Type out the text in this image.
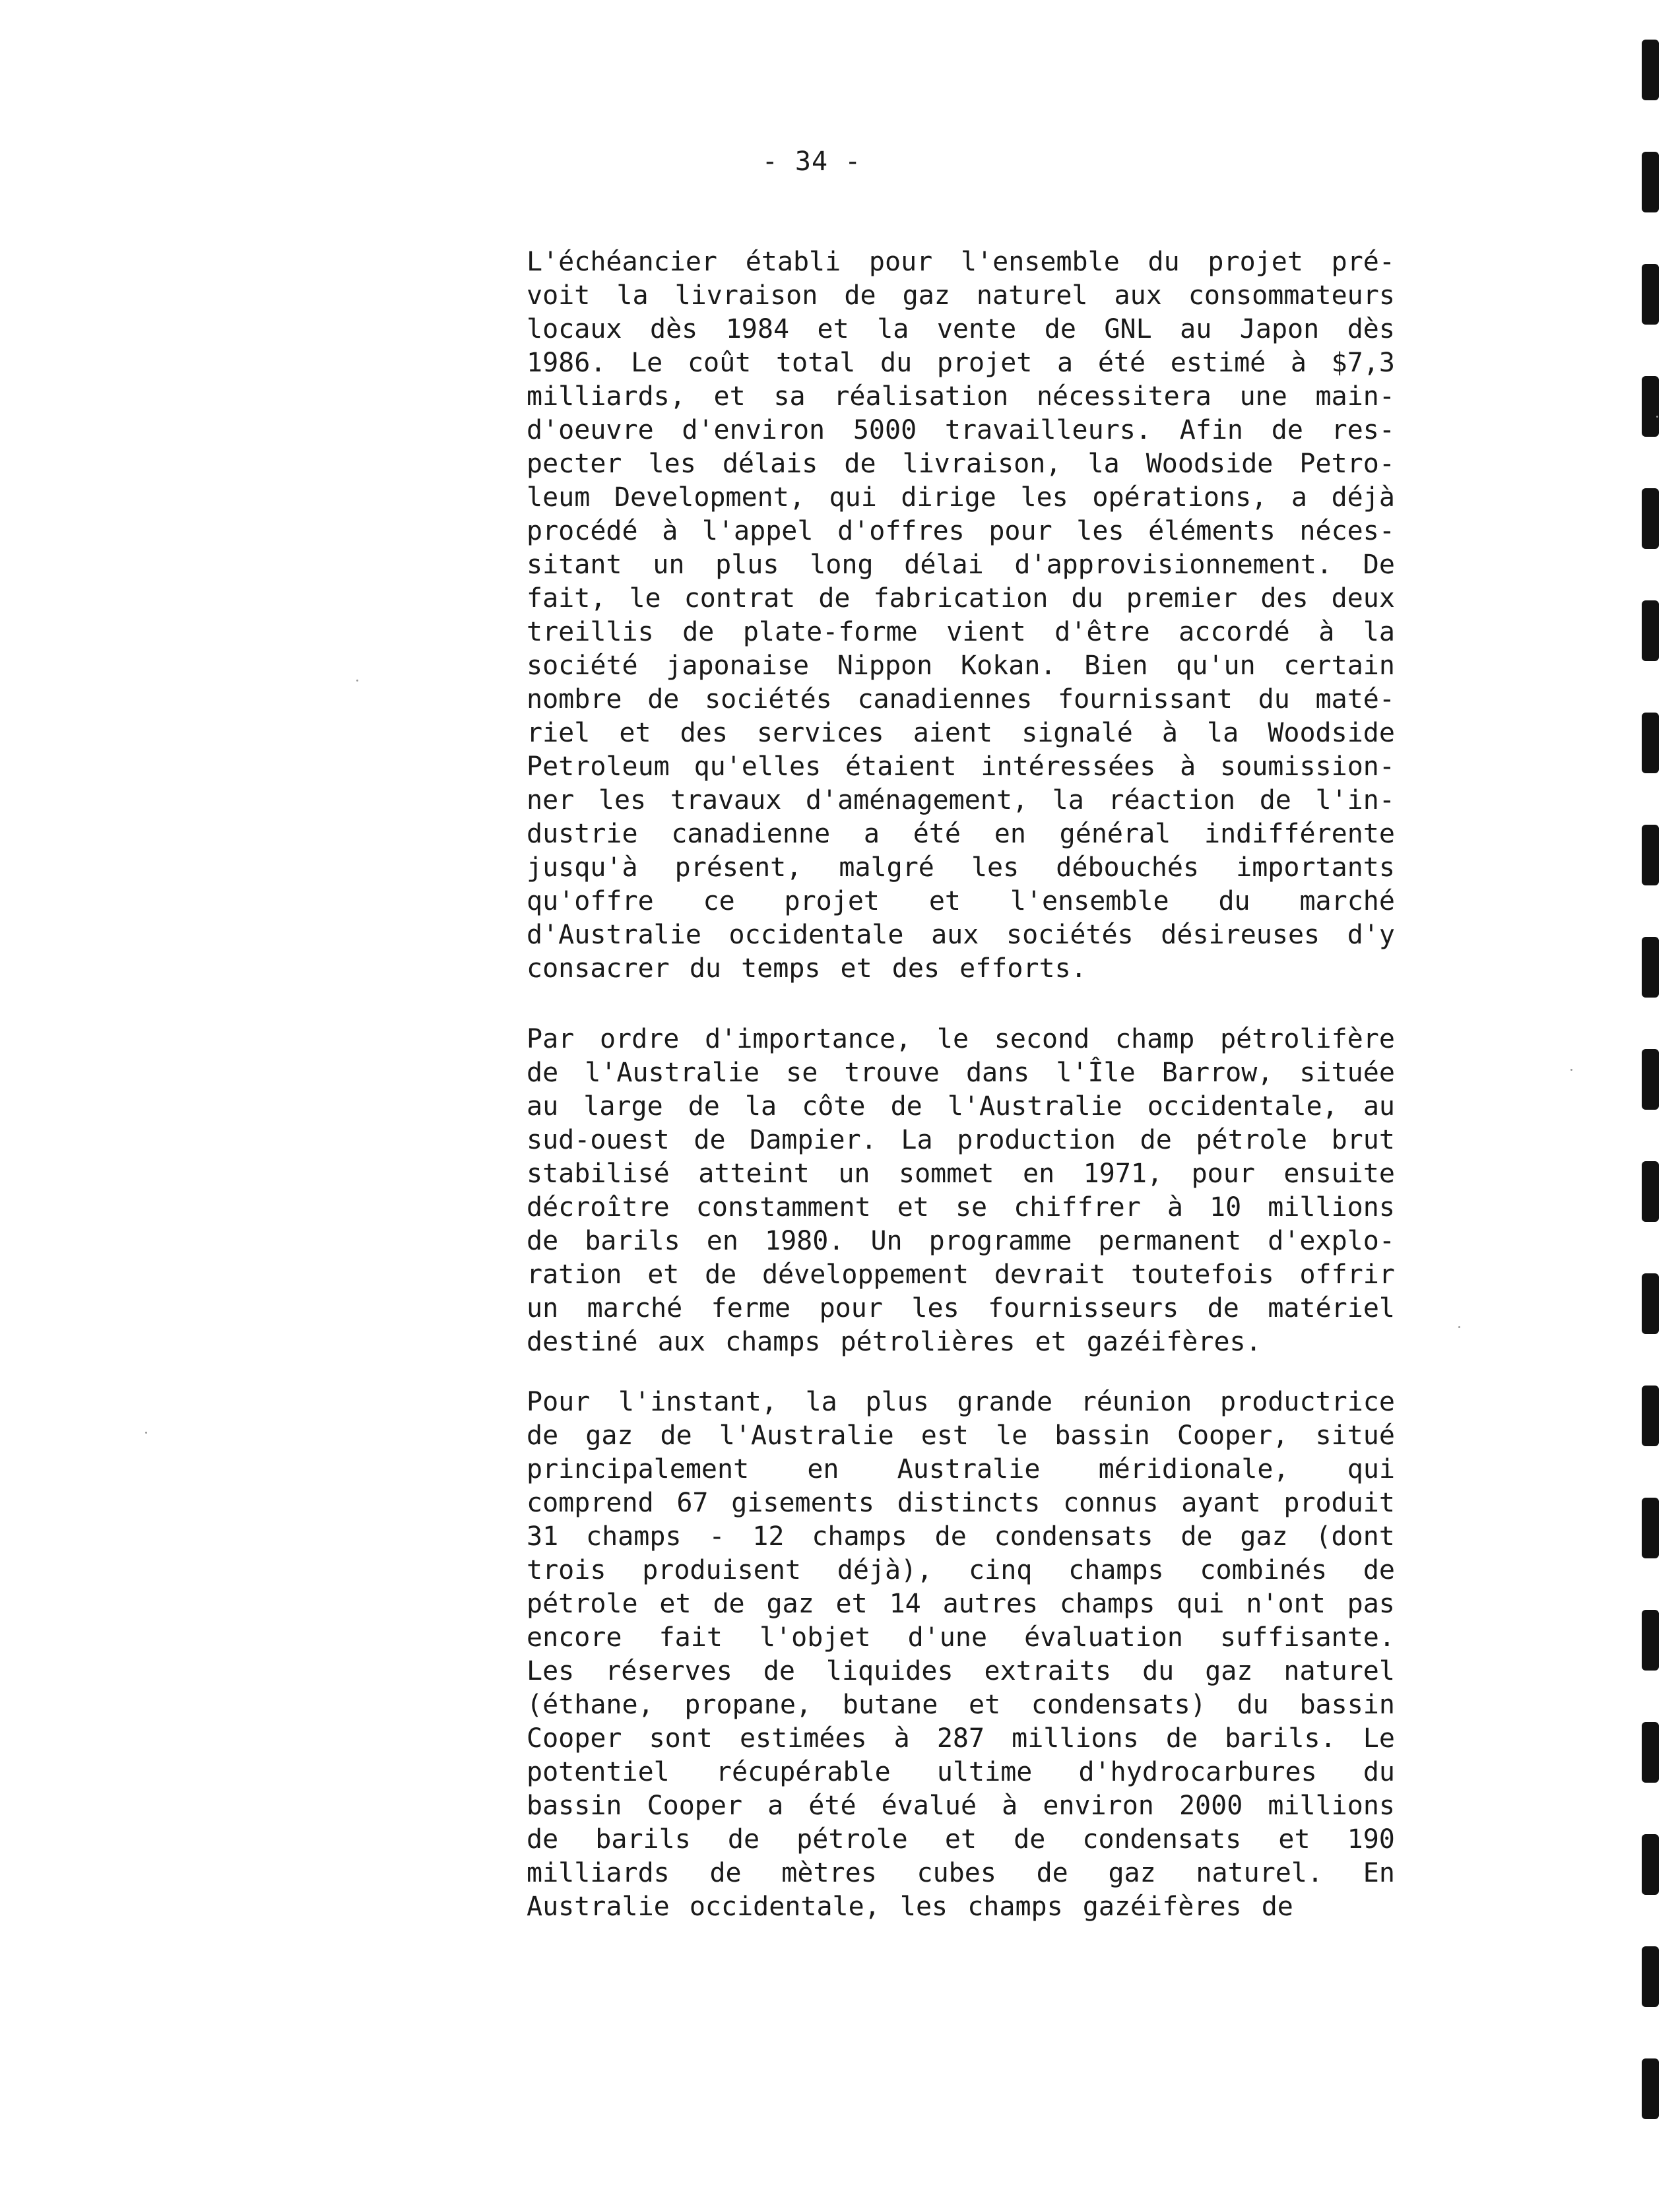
- 34 -
L'échéancier établi pour l'ensemble du projet pré-
voit la livraison de gaz naturel aux consommateurs
locaux dès 1984 et la vente de GNL au Japon dès
1986. Le coût total du projet a été estimé à $7,3
milliards, et sa réalisation nécessitera une main-
d'oeuvre d'environ 5000 travailleurs. Afin de res-
pecter les délais de livraison, la Woodside Petro-
leum Development, qui dirige les opérations, a déjà
procédé à l'appel d'offres pour les éléments néces-
sitant un plus long délai d'approvisionnement. De
fait, le contrat de fabrication du premier des deux
treillis de plate-forme vient d'être accordé à la
société japonaise Nippon Kokan. Bien qu'un certain
nombre de sociétés canadiennes fournissant du maté-
riel et des services aient signalé à la Woodside
Petroleum qu'elles étaient intéressées à soumission-
ner les travaux d'aménagement, la réaction de l'in-
dustrie canadienne a été en général indifférente
jusqu'à présent, malgré les débouchés importants
qu'offre ce projet et l'ensemble du marché
d'Australie occidentale aux sociétés désireuses d'y
consacrer du temps et des efforts.
Par ordre d'importance, le second champ pétrolifère
de l'Australie se trouve dans l'Île Barrow, située
au large de la côte de l'Australie occidentale, au
sud-ouest de Dampier. La production de pétrole brut
stabilisé atteint un sommet en 1971, pour ensuite
décroître constamment et se chiffrer à 10 millions
de barils en 1980. Un programme permanent d'explo-
ration et de développement devrait toutefois offrir
un marché ferme pour les fournisseurs de matériel
destiné aux champs pétrolières et gazéifères.
Pour l'instant, la plus grande réunion productrice
de gaz de l'Australie est le bassin Cooper, situé
principalement en Australie méridionale, qui
comprend 67 gisements distincts connus ayant produit
31 champs - 12 champs de condensats de gaz (dont
trois produisent déjà), cinq champs combinés de
pétrole et de gaz et 14 autres champs qui n'ont pas
encore fait l'objet d'une évaluation suffisante.
Les réserves de liquides extraits du gaz naturel
(éthane, propane, butane et condensats) du bassin
Cooper sont estimées à 287 millions de barils. Le
potentiel récupérable ultime d'hydrocarbures du
bassin Cooper a été évalué à environ 2000 millions
de barils de pétrole et de condensats et 190
milliards de mètres cubes de gaz naturel. En
Australie occidentale, les champs gazéifères de
